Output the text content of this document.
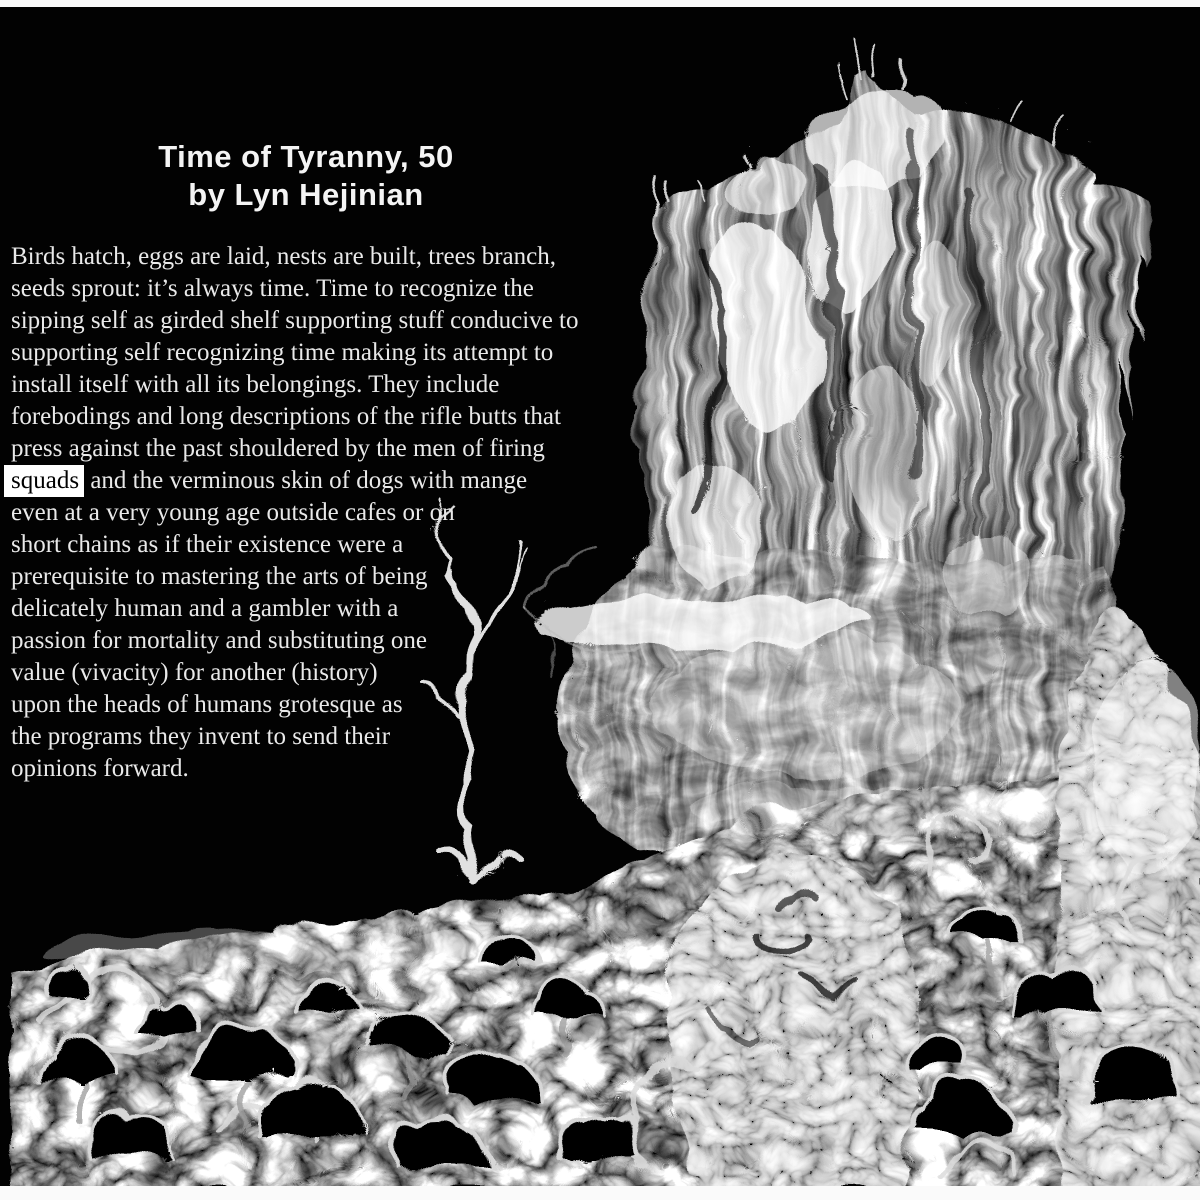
Time of Tyranny, 50
by Lyn Hejinian
Birds hatch, eggs are laid, nests are built, trees branch,
seeds sprout: it’s always time. Time to recognize the
sipping self as girded shelf supporting stuff conducive to
supporting self recognizing time making its attempt to
install itself with all its belongings. They include
forebodings and long descriptions of the rifle butts that
press against the past shouldered by the men of firing
squads and the verminous skin of dogs with mange
even at a very young age outside cafes or on
short chains as if their existence were a
prerequisite to mastering the arts of being
delicately human and a gambler with a
passion for mortality and substituting one
value (vivacity) for another (history)
upon the heads of humans grotesque as
the programs they invent to send their
opinions forward.
